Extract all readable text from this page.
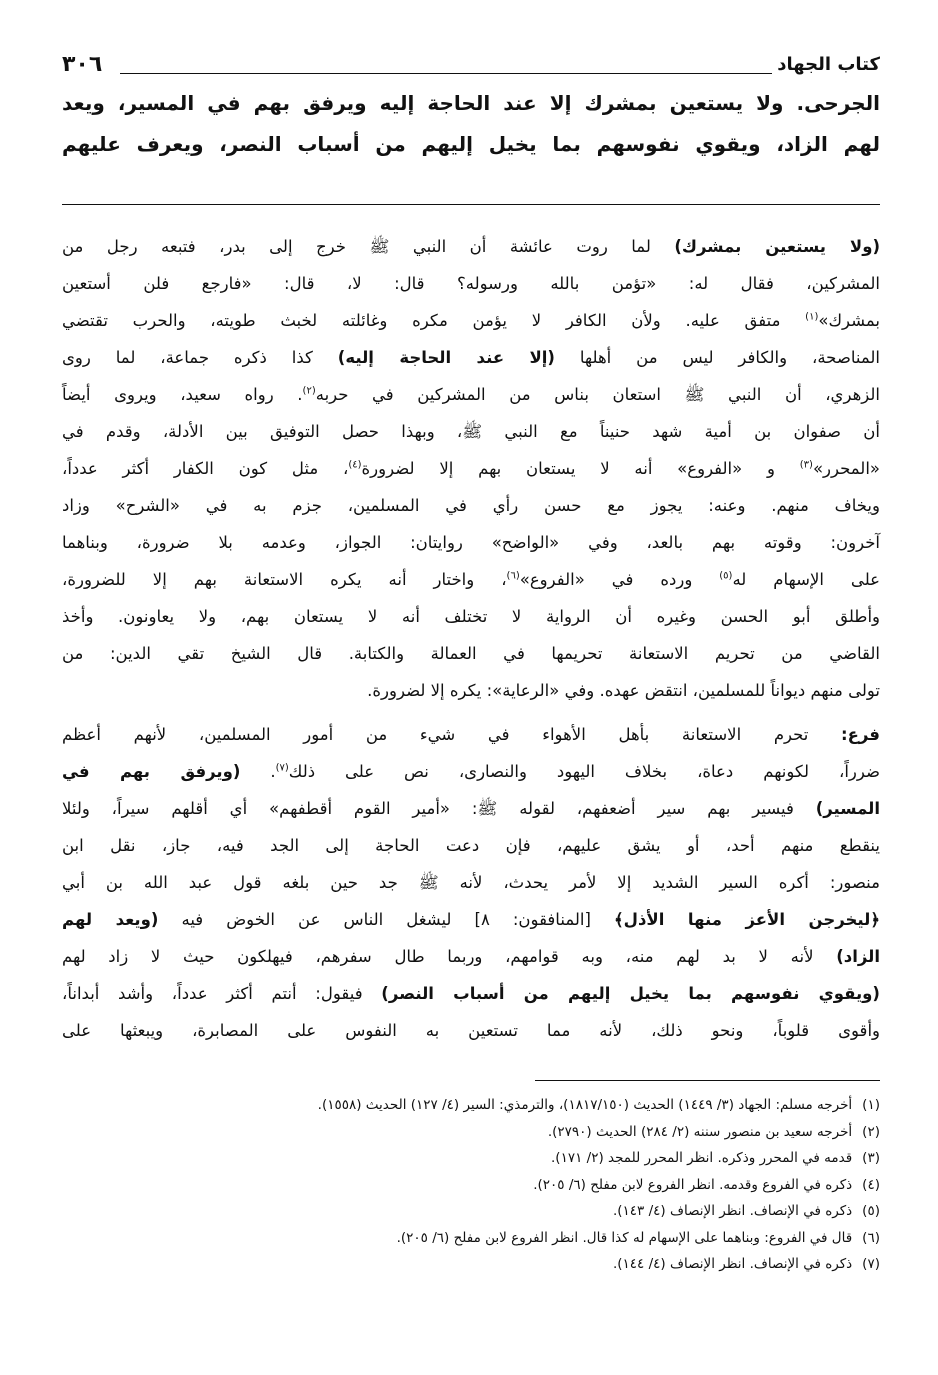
٣٠٦	كتاب الجهاد
الجرحى. ولا يستعين بمشرك إلا عند الحاجة إليه ويرفق بهم في المسير، ويعد
لهم الزاد، ويقوي نفوسهم بما يخيل إليهم من أسباب النصر، ويعرف عليهم
(ولا يستعين بمشرك) لما روت عائشة أن النبي ﷺ خرج إلى بدر، فتبعه رجل من
المشركين، فقال له: «تؤمن بالله ورسوله؟ قال: لا، قال: «فارجع فلن أستعين
بمشرك»$^{(١)}$ متفق عليه. ولأن الكافر لا يؤمن مكره وغائلته لخبث طويته، والحرب تقتضي
المناصحة، والكافر ليس من أهلها (إلا عند الحاجة إليه) كذا ذكره جماعة، لما روى
الزهري، أن النبي ﷺ استعان بناس من المشركين في حربه$^{(٢)}$. رواه سعيد، ويروى أيضاً
أن صفوان بن أمية شهد حنيناً مع النبي ﷺ، وبهذا حصل التوفيق بين الأدلة، وقدم في
«المحرر»$^{(٣)}$ و «الفروع» أنه لا يستعان بهم إلا لضرورة$^{(٤)}$، مثل كون الكفار أكثر عدداً،
ويخاف منهم. وعنه: يجوز مع حسن رأي في المسلمين، جزم به في «الشرح» وزاد
آخرون: وقوته بهم بالعد، وفي «الواضح» روايتان: الجواز، وعدمه بلا ضرورة، وبناهما
على الإسهام له$^{(٥)}$ ورده في «الفروع»$^{(٦)}$، واختار أنه يكره الاستعانة بهم إلا للضرورة،
وأطلق أبو الحسن وغيره أن الرواية لا تختلف أنه لا يستعان بهم، ولا يعاونون. وأخذ
القاضي من تحريم الاستعانة تحريمها في العمالة والكتابة. قال الشيخ تقي الدين: من
تولى منهم ديواناً للمسلمين، انتقض عهده. وفي «الرعاية»: يكره إلا لضرورة.
فرع: تحرم الاستعانة بأهل الأهواء في شيء من أمور المسلمين، لأنهم أعظم
ضرراً، لكونهم دعاة، بخلاف اليهود والنصارى، نص على ذلك$^{(٧)}$. (ويرفق بهم في
المسير) فيسير بهم سير أضعفهم، لقوله ﷺ: «أمير القوم أقطفهم» أي أقلهم سيراً، ولئلا
ينقطع منهم أحد، أو يشق عليهم، فإن دعت الحاجة إلى الجد فيه، جاز، نقل ابن
منصور: أكره السير الشديد إلا لأمر يحدث، لأنه ﷺ جد حين بلغه قول عبد الله بن أبي
﴿ليخرجن الأعز منها الأذل﴾ [المنافقون: ٨] ليشغل الناس عن الخوض فيه (ويعد لهم
الزاد) لأنه لا بد لهم منه، وبه قوامهم، وربما طال سفرهم، فيهلكون حيث لا زاد لهم
(ويقوي نفوسهم بما يخيل إليهم من أسباب النصر) فيقول: أنتم أكثر عدداً، وأشد أبداناً،
وأقوى قلوباً، ونحو ذلك، لأنه مما تستعين به النفوس على المصابرة، ويبعثها على
(١)أخرجه مسلم: الجهاد (٣/ ١٤٤٩) الحديث (١٨١٧/١٥٠)، والترمذي: السير (٤/ ١٢٧) الحديث (١٥٥٨).
(٢)أخرجه سعيد بن منصور سننه (٢/ ٢٨٤) الحديث (٢٧٩٠).
(٣)قدمه في المحرر وذكره. انظر المحرر للمجد (٢/ ١٧١).
(٤)ذكره في الفروع وقدمه. انظر الفروع لابن مفلح (٦/ ٢٠٥).
(٥)ذكره في الإنصاف. انظر الإنصاف (٤/ ١٤٣).
(٦)قال في الفروع: وبناهما على الإسهام له كذا قال. انظر الفروع لابن مفلح (٦/ ٢٠٥).
(٧)ذكره في الإنصاف. انظر الإنصاف (٤/ ١٤٤).
